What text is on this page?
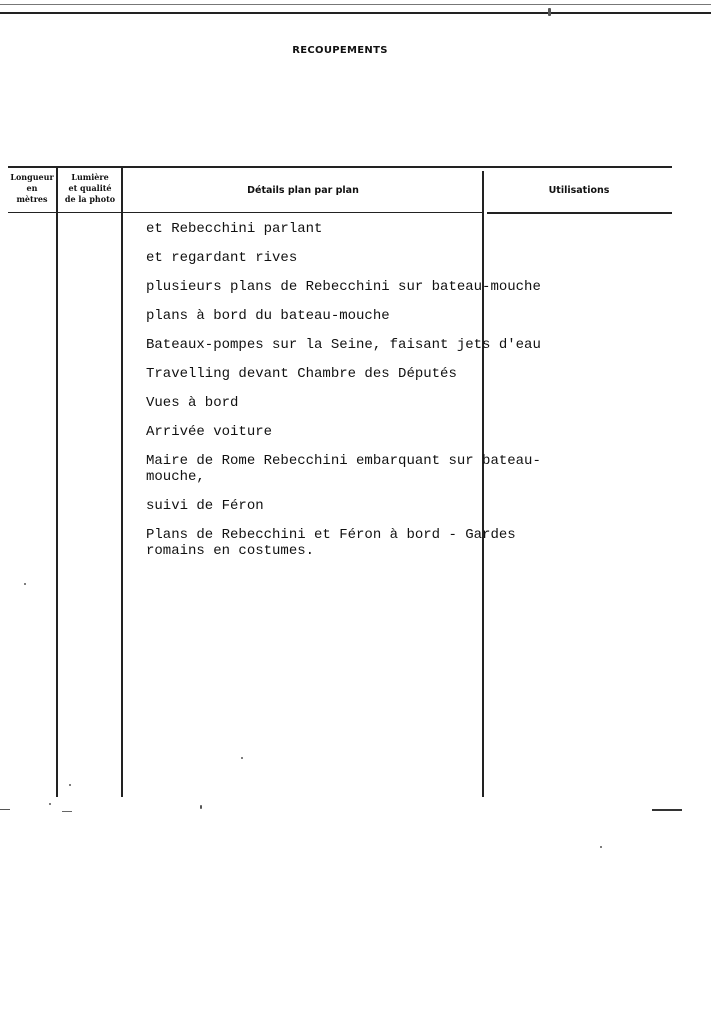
RECOUPEMENTS
Longueur
en
mètres
Lumière
et qualité
de la photo
Détails plan par plan	Utilisations

et Rebecchini parlant

et regardant rives

plusieurs plans de Rebecchini sur bateau-mouche

plans à bord du bateau-mouche

Bateaux-pompes sur la Seine, faisant jets d'eau

Travelling devant Chambre des Députés

Vues à bord

Arrivée voiture

Maire de Rome Rebecchini embarquant sur bateau-
mouche,

suivi de Féron

Plans de Rebecchini et Féron à bord - Gardes
romains en costumes.
